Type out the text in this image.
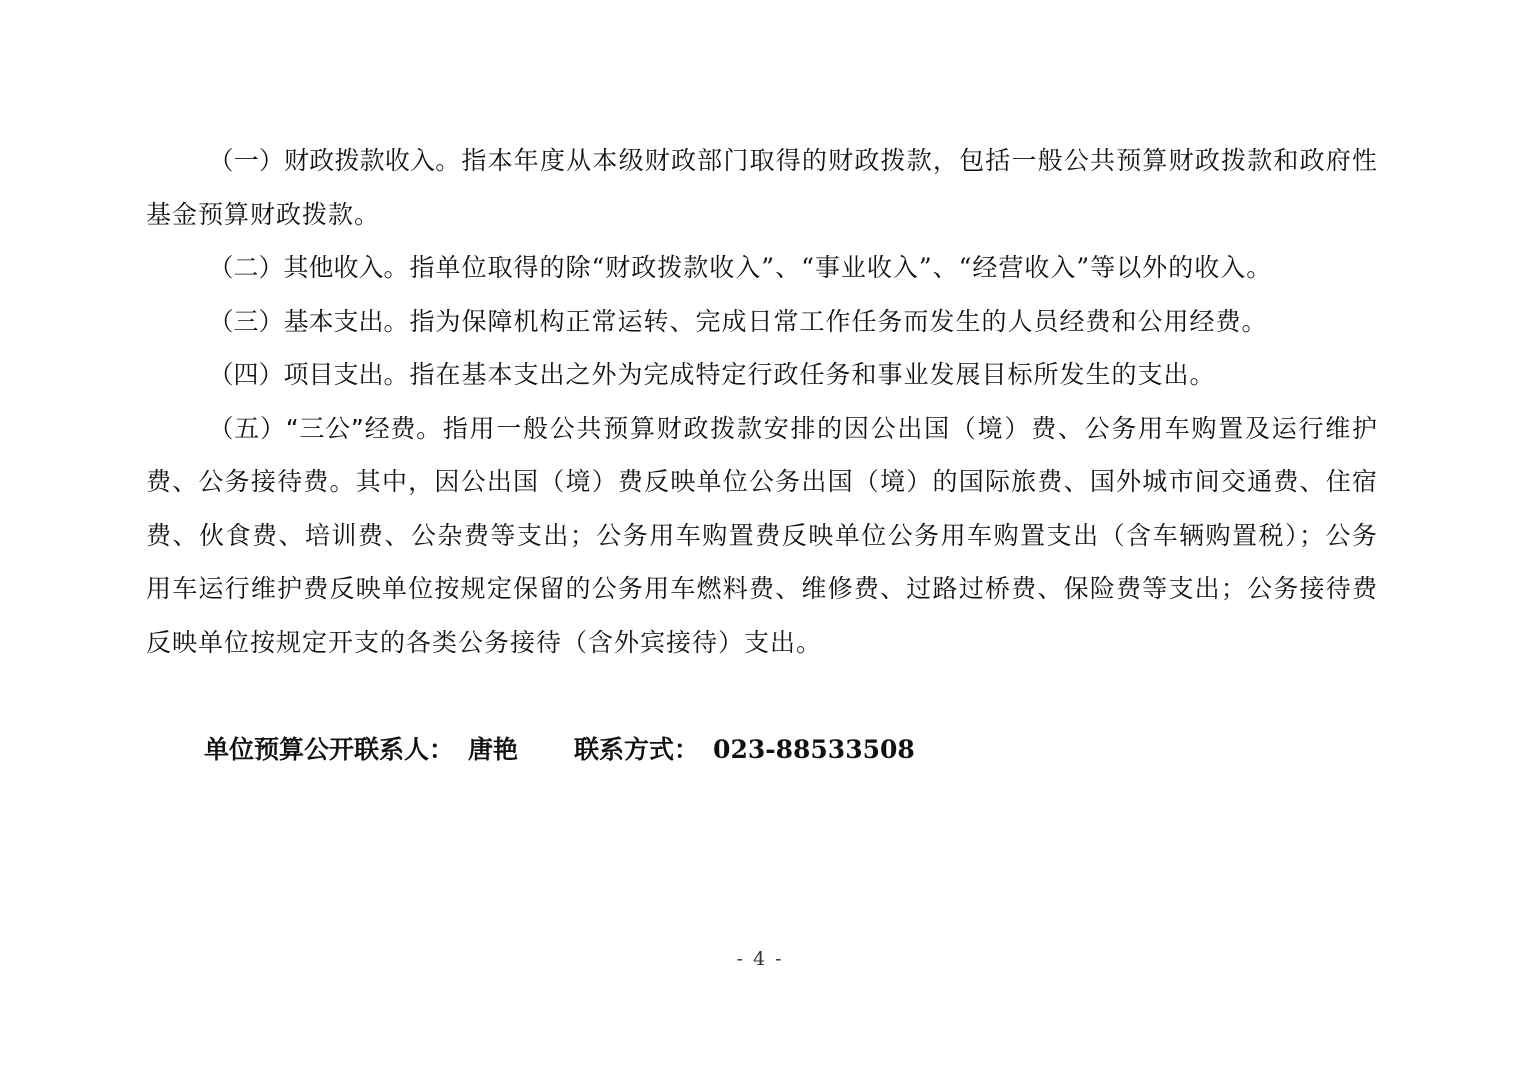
（一）财政拨款收入。指本年度从本级财政部门取得的财政拨款，包括一般公共预算财政拨款和政府性基金预算财政拨款。

（二）其他收入。指单位取得的除“财政拨款收入”、“事业收入”、“经营收入”等以外的收入。

（三）基本支出。指为保障机构正常运转、完成日常工作任务而发生的人员经费和公用经费。

（四）项目支出。指在基本支出之外为完成特定行政任务和事业发展目标所发生的支出。

（五）“三公”经费。指用一般公共预算财政拨款安排的因公出国（境）费、公务用车购置及运行维护费、公务接待费。其中，因公出国（境）费反映单位公务出国（境）的国际旅费、国外城市间交通费、住宿费、伙食费、培训费、公杂费等支出；公务用车购置费反映单位公务用车购置支出（含车辆购置税）；公务用车运行维护费反映单位按规定保留的公务用车燃料费、维修费、过路过桥费、保险费等支出；公务接待费反映单位按规定开支的各类公务接待（含外宾接待）支出。

单位预算公开联系人： 唐艳 联系方式： 023-88533508
- 4 -
